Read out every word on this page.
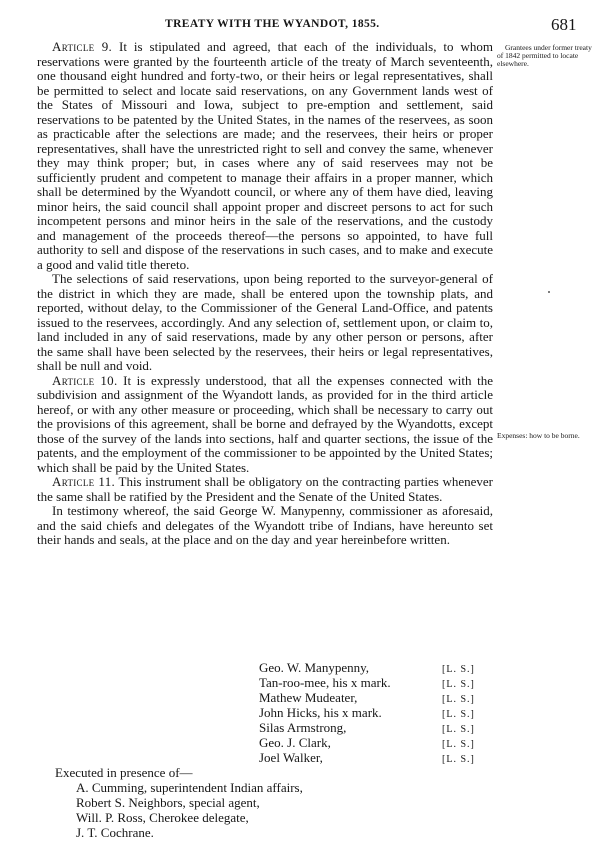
TREATY WITH THE WYANDOT, 1855.	681
Grantees under former treaty of 1842 permitted to locate elsewhere.
Expenses: how to be borne.

Article 9. It is stipulated and agreed, that each of the individuals, to whom reservations were granted by the fourteenth article of the treaty of March seventeenth, one thousand eight hundred and forty-two, or their heirs or legal representatives, shall be permitted to select and locate said reservations, on any Government lands west of the States of Missouri and Iowa, subject to pre-emption and settlement, said reservations to be patented by the United States, in the names of the reservees, as soon as practicable after the selections are made; and the reservees, their heirs or proper representatives, shall have the unrestricted right to sell and convey the same, whenever they may think proper; but, in cases where any of said reservees may not be sufficiently prudent and competent to manage their affairs in a proper manner, which shall be determined by the Wyandott council, or where any of them have died, leaving minor heirs, the said council shall appoint proper and discreet persons to act for such incompetent persons and minor heirs in the sale of the reservations, and the custody and management of the proceeds thereof—the persons so appointed, to have full authority to sell and dispose of the reservations in such cases, and to make and execute a good and valid title thereto.

The selections of said reservations, upon being reported to the surveyor-general of the district in which they are made, shall be entered upon the township plats, and reported, without delay, to the Commissioner of the General Land-Office, and patents issued to the reservees, accordingly. And any selection of, settlement upon, or claim to, land included in any of said reservations, made by any other person or persons, after the same shall have been selected by the reservees, their heirs or legal representatives, shall be null and void.

Article 10. It is expressly understood, that all the expenses connected with the subdivision and assignment of the Wyandott lands, as provided for in the third article hereof, or with any other measure or proceeding, which shall be necessary to carry out the provisions of this agreement, shall be borne and defrayed by the Wyandotts, except those of the survey of the lands into sections, half and quarter sections, the issue of the patents, and the employment of the commissioner to be appointed by the United States; which shall be paid by the United States.

Article 11. This instrument shall be obligatory on the contracting parties whenever the same shall be ratified by the President and the Senate of the United States.

In testimony whereof, the said George W. Manypenny, commissioner as aforesaid, and the said chiefs and delegates of the Wyandott tribe of Indians, have hereunto set their hands and seals, at the place and on the day and year hereinbefore written.

Geo. W. Manypenny,	[L. S.]
Tan-roo-mee, his x mark.	[L. S.]
Mathew Mudeater,	[L. S.]
John Hicks, his x mark.	[L. S.]
Silas Armstrong,	[L. S.]
Geo. J. Clark,	[L. S.]
Joel Walker,	[L. S.]
Executed in presence of—
A. Cumming, superintendent Indian affairs,
Robert S. Neighbors, special agent,
Will. P. Ross, Cherokee delegate,
J. T. Cochrane.
